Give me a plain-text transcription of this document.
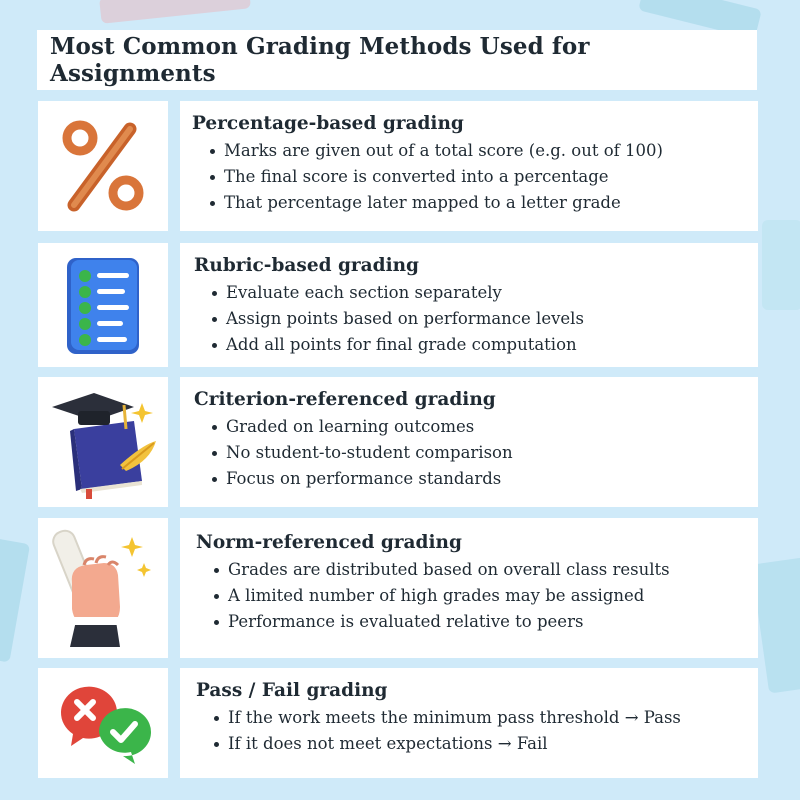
Most Common Grading Methods Used for Assignments
Percentage-based grading
Marks are given out of a total score (e.g. out of 100)
The final score is converted into a percentage
That percentage later mapped to a letter grade
Rubric-based grading
Evaluate each section separately
Assign points based on performance levels
Add all points for final grade computation
Criterion-referenced grading
Graded on learning outcomes
No student-to-student comparison
Focus on performance standards
Norm-referenced grading
Grades are distributed based on overall class results
A limited number of high grades may be assigned
Performance is evaluated relative to peers
Pass / Fail grading
If the work meets the minimum pass threshold → Pass
If it does not meet expectations → Fail
